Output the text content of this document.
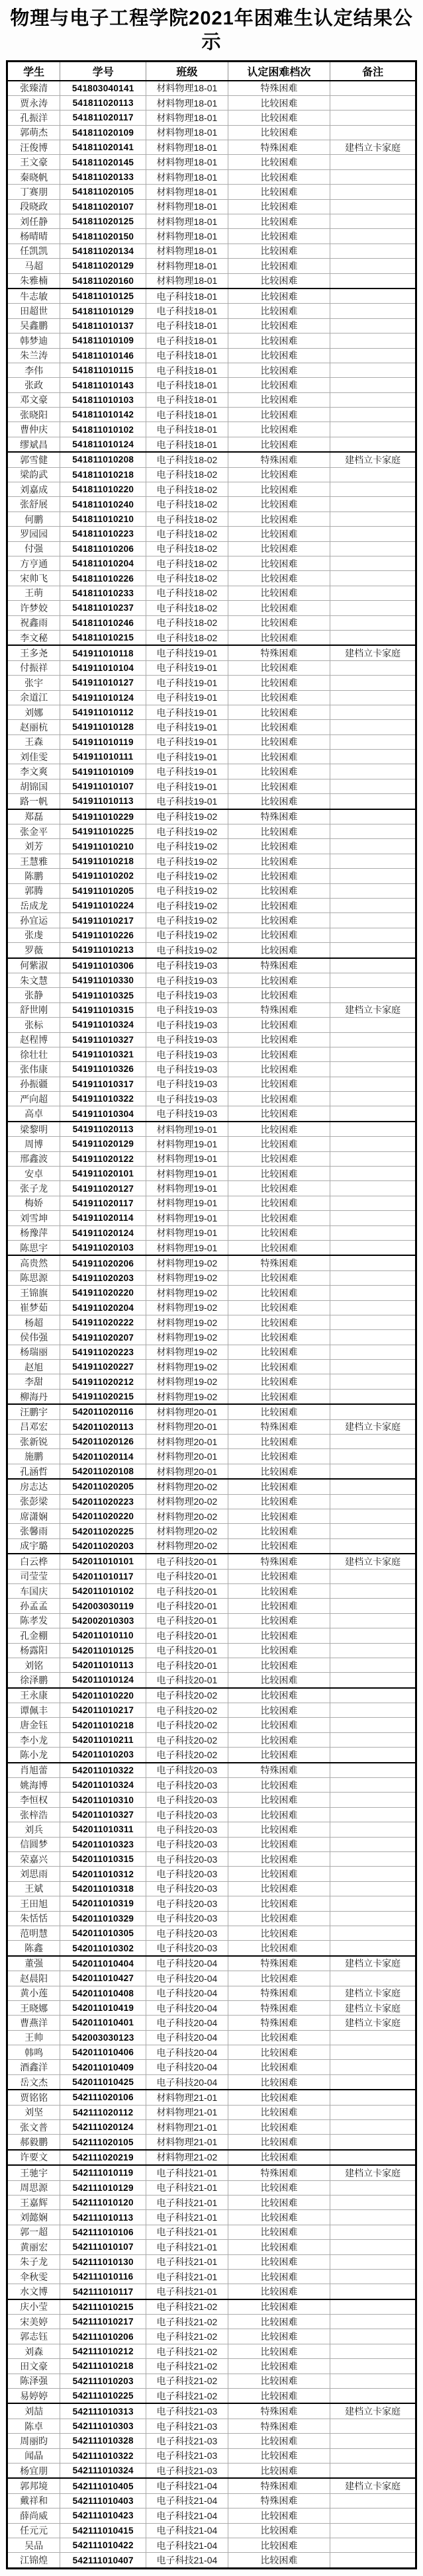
物理与电子工程学院2021年困难生认定结果公示
学生	学号	班级	认定困难档次	备注
张臻清	541803040141	材料物理18-01	特殊困难	
贾永涛	541811020113	材料物理18-01	比较困难	
孔振洋	541811020117	材料物理18-01	比较困难	
郭萌杰	541811020109	材料物理18-01	比较困难	
汪俊博	541811020141	材料物理18-01	特殊困难	建档立卡家庭
王文豪	541811020145	材料物理18-01	比较困难	
秦晓帆	541811020133	材料物理18-01	比较困难	
丁赛朋	541811020105	材料物理18-01	比较困难	
段晓政	541811020107	材料物理18-01	比较困难	
刘任静	541811020125	材料物理18-01	比较困难	
杨晴晴	541811020150	材料物理18-01	比较困难	
任凯凯	541811020134	材料物理18-01	比较困难	
马超	541811020129	材料物理18-01	比较困难	
朱雅楠	541811020160	材料物理18-01	比较困难	
牛志敏	541811010125	电子科技18-01	比较困难	
田超世	541811010129	电子科技18-01	比较困难	
吴鑫鹏	541811010137	电子科技18-01	比较困难	
韩梦迪	541811010109	电子科技18-01	比较困难	
朱兰涛	541811010146	电子科技18-01	比较困难	
李伟	541811010115	电子科技18-01	比较困难	
张政	541811010143	电子科技18-01	比较困难	
邓文豪	541811010103	电子科技18-01	比较困难	
张晓阳	541811010142	电子科技18-01	比较困难	
曹仲庆	541811010102	电子科技18-01	比较困难	
缪斌昌	541811010124	电子科技18-01	比较困难	
郭雪健	541811010208	电子科技18-02	特殊困难	建档立卡家庭
梁韵武	541811010218	电子科技18-02	比较困难	
刘嘉成	541811010220	电子科技18-02	比较困难	
张舒展	541811010240	电子科技18-02	比较困难	
何鹏	541811010210	电子科技18-02	比较困难	
罗园园	541811010223	电子科技18-02	比较困难	
付强	541811010206	电子科技18-02	比较困难	
方亨通	541811010204	电子科技18-02	比较困难	
宋帅飞	541811010226	电子科技18-02	比较困难	
王萌	541811010233	电子科技18-02	比较困难	
许梦姣	541811010237	电子科技18-02	比较困难	
祝鑫雨	541811010246	电子科技18-02	比较困难	
李文秘	541811010215	电子科技18-02	比较困难	
王多尧	541911010118	电子科技19-01	特殊困难	建档立卡家庭
付振祥	541911010104	电子科技19-01	比较困难	
张宇	541911010127	电子科技19-01	比较困难	
余道江	541911010124	电子科技19-01	比较困难	
刘娜	541911010112	电子科技19-01	比较困难	
赵丽杭	541911010128	电子科技19-01	比较困难	
王森	541911010119	电子科技19-01	比较困难	
刘佳雯	541911010111	电子科技19-01	比较困难	
李文爽	541911010109	电子科技19-01	比较困难	
胡锦国	541911010107	电子科技19-01	比较困难	
路一帆	541911010113	电子科技19-01	比较困难	
郑磊	541911010229	电子科技19-02	特殊困难	
张金平	541911010225	电子科技19-02	比较困难	
刘芳	541911010210	电子科技19-02	比较困难	
王慧雅	541911010218	电子科技19-02	比较困难	
陈鹏	541911010202	电子科技19-02	比较困难	
郭腾	541911010205	电子科技19-02	比较困难	
岳成龙	541911010224	电子科技19-02	比较困难	
孙宜运	541911010217	电子科技19-02	比较困难	
张虔	541911010226	电子科技19-02	比较困难	
罗薇	541911010213	电子科技19-02	比较困难	
何紫淑	541911010306	电子科技19-03	特殊困难	
朱文慧	541911010330	电子科技19-03	比较困难	
张静	541911010325	电子科技19-03	比较困难	
舒世刚	541911010315	电子科技19-03	特殊困难	建档立卡家庭
张标	541911010324	电子科技19-03	比较困难	
赵程博	541911010327	电子科技19-03	比较困难	
徐壮壮	541911010321	电子科技19-03	比较困难	
张伟康	541911010326	电子科技19-03	比较困难	
孙振疆	541911010317	电子科技19-03	比较困难	
严向超	541911010322	电子科技19-03	比较困难	
高卓	541911010304	电子科技19-03	比较困难	
梁黎明	541911020113	材料物理19-01	比较困难	
周博	541911020129	材料物理19-01	比较困难	
邢鑫波	541911020122	材料物理19-01	比较困难	
安卓	541911020101	材料物理19-01	比较困难	
张子龙	541911020127	材料物理19-01	比较困难	
梅娇	541911020117	材料物理19-01	比较困难	
刘雪坤	541911020114	材料物理19-01	比较困难	
杨豫萍	541911020124	材料物理19-01	比较困难	
陈思宇	541911020103	材料物理19-01	比较困难	
高贵然	541911020206	材料物理19-02	特殊困难	
陈思源	541911020203	材料物理19-02	比较困难	
王锦旗	541911020220	材料物理19-02	比较困难	
崔梦茹	541911020204	材料物理19-02	比较困难	
杨超	541911020222	材料物理19-02	比较困难	
侯伟强	541911020207	材料物理19-02	比较困难	
杨瑞丽	541911020223	材料物理19-02	比较困难	
赵旭	541911020227	材料物理19-02	比较困难	
李甜	541911020212	材料物理19-02	比较困难	
柳海丹	541911020215	材料物理19-02	比较困难	
汪鹏宇	542011020116	材料物理20-01	比较困难	
吕邓宏	542011020113	材料物理20-01	特殊困难	建档立卡家庭
张新锐	542011020126	材料物理20-01	比较困难	
施鹏	542011020114	材料物理20-01	比较困难	
孔涵哲	542011020108	材料物理20-01	比较困难	
房志达	542011020205	材料物理20-02	比较困难	
张彭梁	542011020223	材料物理20-02	比较困难	
席潇娴	542011020220	材料物理20-02	比较困难	
张馨雨	542011020225	材料物理20-02	比较困难	
成宇璐	542011020203	材料物理20-02	比较困难	
白云桦	542011010101	电子科技20-01	特殊困难	建档立卡家庭
司莹莹	542011010117	电子科技20-01	比较困难	
车国庆	542011010102	电子科技20-01	比较困难	
孙孟孟	542003030119	电子科技20-01	比较困难	
陈孝发	542002010303	电子科技20-01	比较困难	
孔金棚	542011010110	电子科技20-01	比较困难	
杨露阳	542011010125	电子科技20-01	比较困难	
刘铭	542011010113	电子科技20-01	比较困难	
徐泽鹏	542011010124	电子科技20-01	比较困难	
王永康	542011010220	电子科技20-02	比较困难	
谭佩丰	542011010217	电子科技20-02	比较困难	
唐金钰	542011010218	电子科技20-02	比较困难	
李小龙	542011010211	电子科技20-02	比较困难	
陈小龙	542011010203	电子科技20-02	比较困难	
肖旭蕾	542011010322	电子科技20-03	特殊困难	
姚海博	542011010324	电子科技20-03	比较困难	
李恒权	542011010310	电子科技20-03	比较困难	
张梓浩	542011010327	电子科技20-03	比较困难	
刘兵	542011010311	电子科技20-03	比较困难	
信圆梦	542011010323	电子科技20-03	比较困难	
荣嘉兴	542011010315	电子科技20-03	比较困难	
刘思雨	542011010312	电子科技20-03	比较困难	
王斌	542011010318	电子科技20-03	比较困难	
王田旭	542011010319	电子科技20-03	比较困难	
朱恬恬	542011010329	电子科技20-03	比较困难	
范明慧	542011010305	电子科技20-03	比较困难	
陈鑫	542011010302	电子科技20-03	比较困难	
董强	542011010404	电子科技20-04	特殊困难	建档立卡家庭
赵晨阳	542011010427	电子科技20-04	比较困难	
黄小莲	542011010408	电子科技20-04	特殊困难	建档立卡家庭
王晓娜	542011010419	电子科技20-04	特殊困难	建档立卡家庭
曹燕洋	542011010401	电子科技20-04	特殊困难	建档立卡家庭
王帅	542003030123	电子科技20-04	比较困难	
韩鸣	542011010406	电子科技20-04	比较困难	
酒鑫洋	542011010409	电子科技20-04	比较困难	
岳文杰	542011010425	电子科技20-04	比较困难	
贾铭铭	542111020106	材料物理21-01	比较困难	
刘坚	542111020112	材料物理21-01	比较困难	
张文普	542111020124	材料物理21-01	比较困难	
郝毅鹏	542111020105	材料物理21-01	比较困难	
许要文	542111020219	材料物理21-02	比较困难	
王驰宇	542111010119	电子科技21-01	特殊困难	建档立卡家庭
周思源	542111010129	电子科技21-01	比较困难	
王嘉辉	542111010120	电子科技21-01	比较困难	
刘懿娴	542111010113	电子科技21-01	比较困难	
郭一超	542111010106	电子科技21-01	比较困难	
黄丽宏	542111010107	电子科技21-01	比较困难	
朱子龙	542111010130	电子科技21-01	比较困难	
伞秋雯	542111010116	电子科技21-01	比较困难	
水文博	542111010117	电子科技21-01	比较困难	
庆小莹	542111010215	电子科技21-02	比较困难	
宋美婷	542111010217	电子科技21-02	比较困难	
郭志钰	542111010206	电子科技21-02	比较困难	
刘森	542111010212	电子科技21-02	比较困难	
田文豪	542111010218	电子科技21-02	比较困难	
陈泽强	542111010203	电子科技21-02	比较困难	
易婷婷	542111010225	电子科技21-02	比较困难	
刘喆	542111010313	电子科技21-03	特殊困难	建档立卡家庭
陈卓	542111010303	电子科技21-03	特殊困难	
周丽昀	542111010328	电子科技21-03	比较困难	
闻晶	542111010322	电子科技21-03	比较困难	
杨宜朋	542111010324	电子科技21-03	比较困难	
郭邦境	542111010405	电子科技21-04	特殊困难	建档立卡家庭
戴祥和	542111010403	电子科技21-04	特殊困难	
薛尚威	542111010423	电子科技21-04	比较困难	
任元元	542111010415	电子科技21-04	比较困难	
吴品	542111010422	电子科技21-04	比较困难	
江锦煌	542111010407	电子科技21-04	比较困难	
